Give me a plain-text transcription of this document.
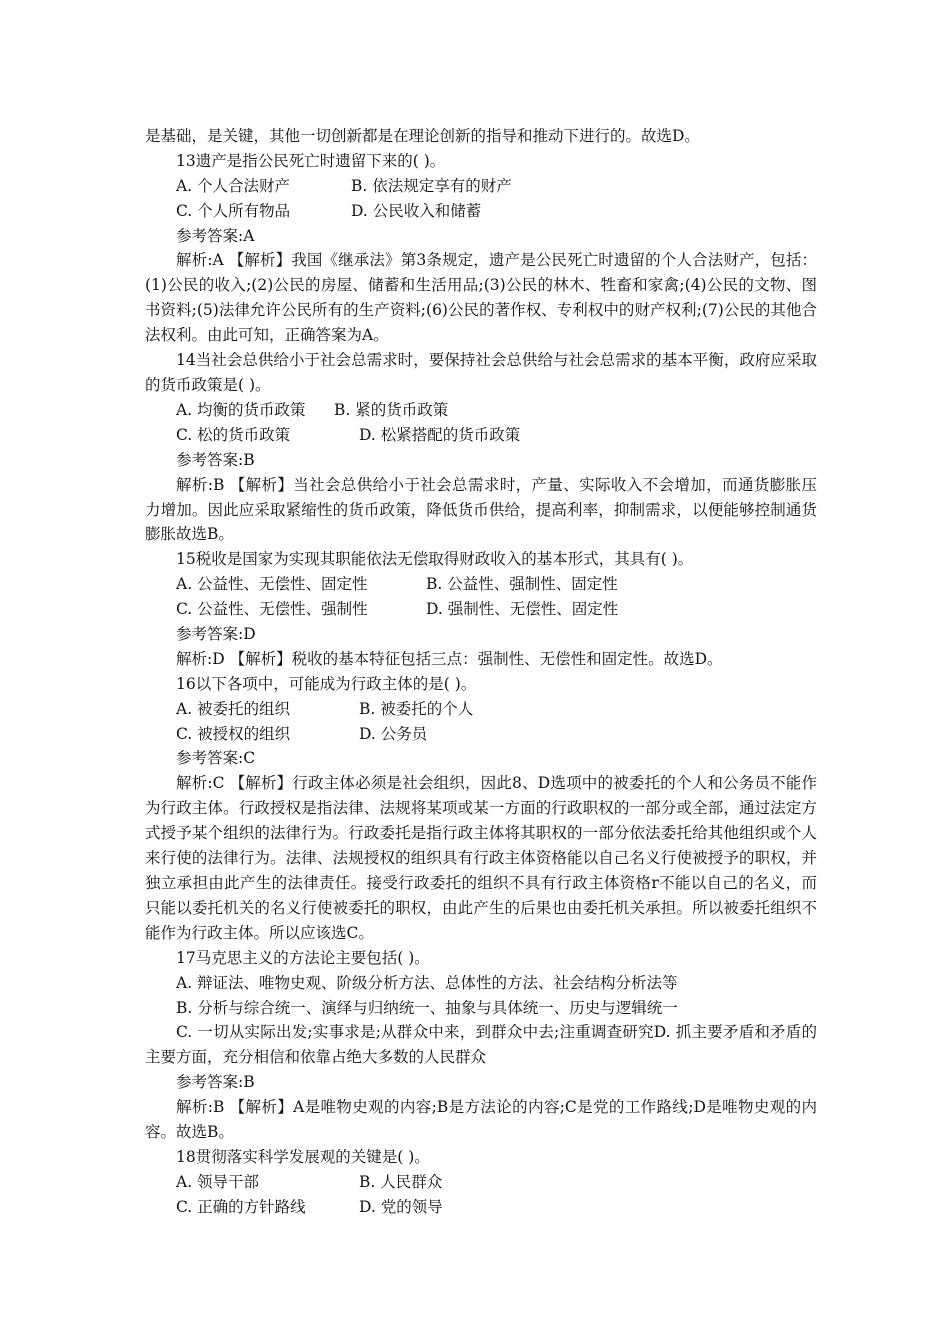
是基础，是关键，其他一切创新都是在理论创新的指导和推动下进行的。故选D。
13遗产是指公民死亡时遗留下来的( )。
A. 个人合法财产	B. 依法规定享有的财产
C. 个人所有物品	D. 公民收入和储蓄
参考答案:A
解析:A 【解析】我国《继承法》第3条规定，遗产是公民死亡时遗留的个人合法财产，包括：(1)公民的收入;(2)公民的房屋、储蓄和生活用品;(3)公民的林木、牲畜和家禽;(4)公民的文物、图书资料;(5)法律允许公民所有的生产资料;(6)公民的著作权、专利权中的财产权利;(7)公民的其他合法权利。由此可知，正确答案为A。
14当社会总供给小于社会总需求时，要保持社会总供给与社会总需求的基本平衡，政府应采取的货币政策是( )。
A. 均衡的货币政策	B. 紧的货币政策
C. 松的货币政策	D. 松紧搭配的货币政策
参考答案:B
解析:B 【解析】当社会总供给小于社会总需求时，产量、实际收入不会增加，而通货膨胀压力增加。因此应采取紧缩性的货币政策，降低货币供给，提高利率，抑制需求，以便能够控制通货膨胀故选B。
15税收是国家为实现其职能依法无偿取得财政收入的基本形式，其具有( )。
A. 公益性、无偿性、固定性	B. 公益性、强制性、固定性
C. 公益性、无偿性、强制性	D. 强制性、无偿性、固定性
参考答案:D
解析:D 【解析】税收的基本特征包括三点：强制性、无偿性和固定性。故选D。
16以下各项中，可能成为行政主体的是( )。
A. 被委托的组织	B. 被委托的个人
C. 被授权的组织	D. 公务员
参考答案:C
解析:C 【解析】行政主体必须是社会组织，因此8、D选项中的被委托的个人和公务员不能作为行政主体。行政授权是指法律、法规将某项或某一方面的行政职权的一部分或全部，通过法定方式授予某个组织的法律行为。行政委托是指行政主体将其职权的一部分依法委托给其他组织或个人来行使的法律行为。法律、法规授权的组织具有行政主体资格能以自己名义行使被授予的职权，并独立承担由此产生的法律责任。接受行政委托的组织不具有行政主体资格r不能以自己的名义，而只能以委托机关的名义行使被委托的职权，由此产生的后果也由委托机关承担。所以被委托组织不能作为行政主体。所以应该选C。
17马克思主义的方法论主要包括( )。
A. 辩证法、唯物史观、阶级分析方法、总体性的方法、社会结构分析法等
B. 分析与综合统一、演绎与归纳统一、抽象与具体统一、历史与逻辑统一
C. 一切从实际出发;实事求是;从群众中来，到群众中去;注重调查研究D. 抓主要矛盾和矛盾的主要方面，充分相信和依靠占绝大多数的人民群众
参考答案:B
解析:B 【解析】A是唯物史观的内容;B是方法论的内容;C是党的工作路线;D是唯物史观的内容。故选B。
18贯彻落实科学发展观的关键是( )。
A. 领导干部	B. 人民群众
C. 正确的方针路线	D. 党的领导
